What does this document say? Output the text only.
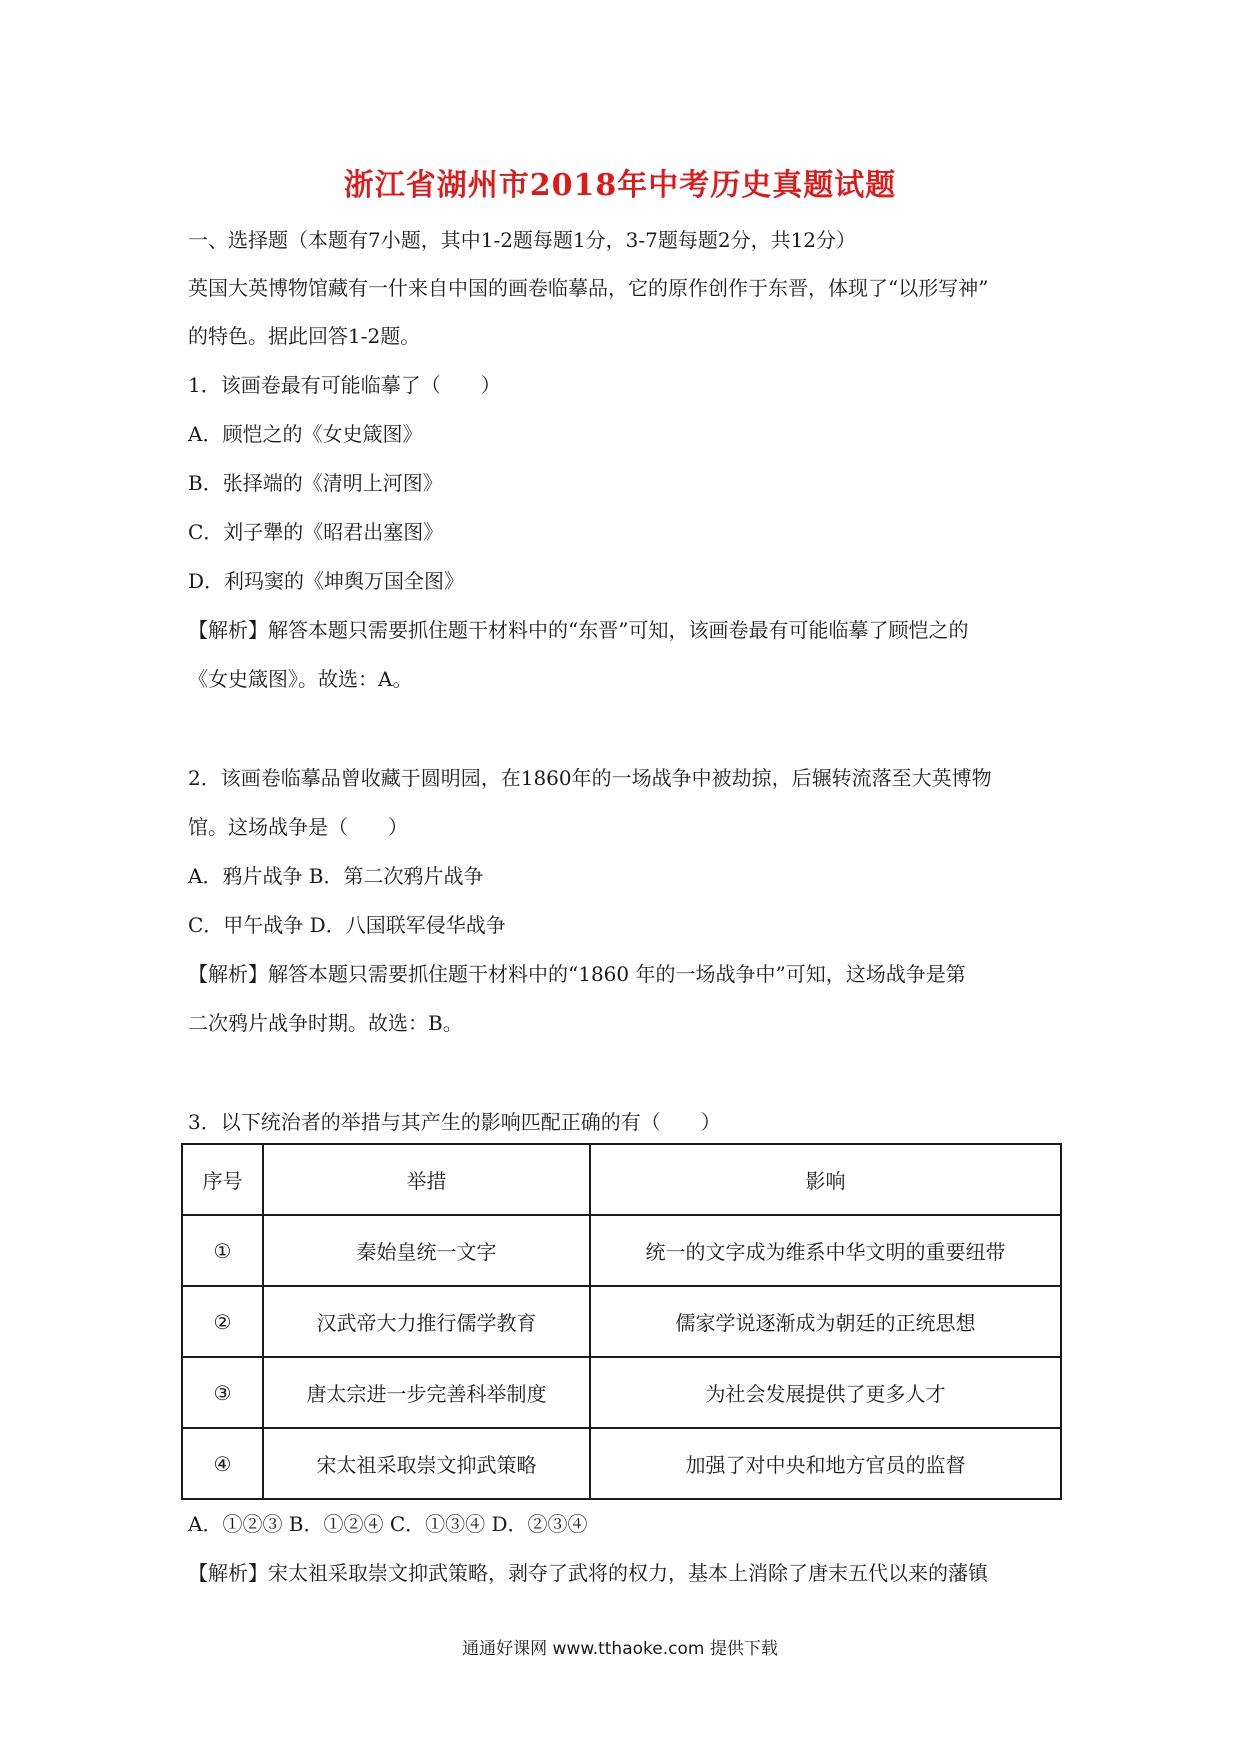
浙江省湖州市2018年中考历史真题试题
一、选择题（本题有7小题，其中1-2题每题1分，3-7题每题2分，共12分）
英国大英博物馆藏有一什来自中国的画卷临摹品，它的原作创作于东晋，体现了“以形写神”
的特色。据此回答1-2题。
1．该画卷最有可能临摹了（　　）
A．顾恺之的《女史箴图》
B．张择端的《清明上河图》
C．刘子犟的《昭君出塞图》
D．利玛窦的《坤舆万国全图》
【解析】解答本题只需要抓住题干材料中的“东晋”可知，该画卷最有可能临摹了顾恺之的
《女史箴图》。故选：A。
2．该画卷临摹品曾收藏于圆明园，在1860年的一场战争中被劫掠，后辗转流落至大英博物
馆。这场战争是（　　）
A．鸦片战争 B．第二次鸦片战争
C．甲午战争 D．八国联军侵华战争
【解析】解答本题只需要抓住题干材料中的“1860 年的一场战争中”可知，这场战争是第
二次鸦片战争时期。故选：B。
3．以下统治者的举措与其产生的影响匹配正确的有（　　）
序号	举措	影响
①	秦始皇统一文字	统一的文字成为维系中华文明的重要纽带
②	汉武帝大力推行儒学教育	儒家学说逐渐成为朝廷的正统思想
③	唐太宗进一步完善科举制度	为社会发展提供了更多人才
④	宋太祖采取崇文抑武策略	加强了对中央和地方官员的监督
A．①②③ B．①②④ C．①③④ D．②③④
【解析】宋太祖采取崇文抑武策略，剥夺了武将的权力，基本上消除了唐末五代以来的藩镇
通通好课网 www.tthaoke.com 提供下载
